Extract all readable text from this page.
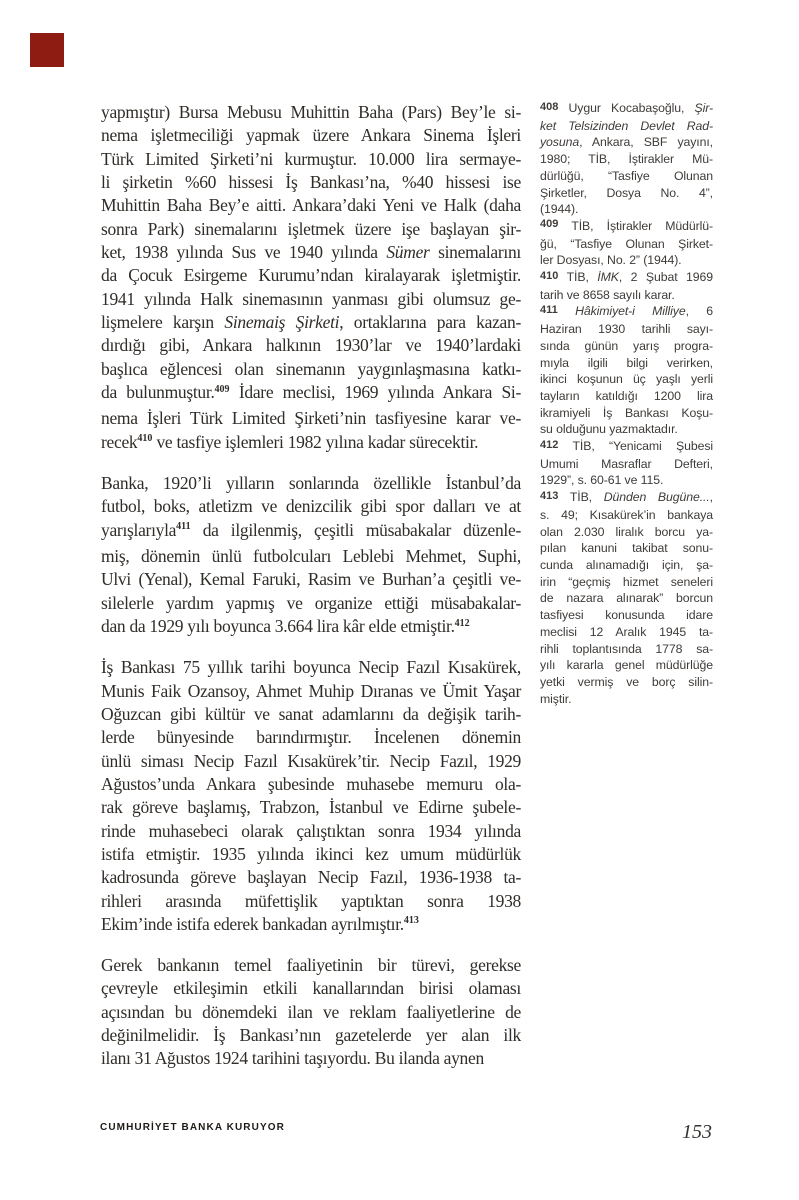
yapmıştır) Bursa Mebusu Muhittin Baha (Pars) Bey’le si-
nema işletmeciliği yapmak üzere Ankara Sinema İşleri
Türk Limited Şirketi’ni kurmuştur. 10.000 lira sermaye-
li şirketin %60 hissesi İş Bankası’na, %40 hissesi ise
Muhittin Baha Bey’e aitti. Ankara’daki Yeni ve Halk (daha
sonra Park) sinemalarını işletmek üzere işe başlayan şir-
ket, 1938 yılında Sus ve 1940 yılında Sümer sinemalarını
da Çocuk Esirgeme Kurumu’ndan kiralayarak işletmiştir.
1941 yılında Halk sinemasının yanması gibi olumsuz ge-
lişmelere karşın Sinemaiş Şirketi, ortaklarına para kazan-
dırdığı gibi, Ankara halkının 1930’lar ve 1940’lardaki
başlıca eğlencesi olan sinemanın yaygınlaşmasına katkı-
da bulunmuştur.$^{409}$ İdare meclisi, 1969 yılında Ankara Si-
nema İşleri Türk Limited Şirketi’nin tasfiyesine karar ve-
recek$^{410}$ ve tasfiye işlemleri 1982 yılına kadar sürecektir.
Banka, 1920’li yılların sonlarında özellikle İstanbul’da
futbol, boks, atletizm ve denizcilik gibi spor dalları ve at
yarışlarıyla$^{411}$ da ilgilenmiş, çeşitli müsabakalar düzenle-
miş, dönemin ünlü futbolcuları Leblebi Mehmet, Suphi,
Ulvi (Yenal), Kemal Faruki, Rasim ve Burhan’a çeşitli ve-
silelerle yardım yapmış ve organize ettiği müsabakalar-
dan da 1929 yılı boyunca 3.664 lira kâr elde etmiştir.$^{412}$
İş Bankası 75 yıllık tarihi boyunca Necip Fazıl Kısakürek,
Munis Faik Ozansoy, Ahmet Muhip Dıranas ve Ümit Yaşar
Oğuzcan gibi kültür ve sanat adamlarını da değişik tarih-
lerde bünyesinde barındırmıştır. İncelenen dönemin
ünlü siması Necip Fazıl Kısakürek’tir. Necip Fazıl, 1929
Ağustos’unda Ankara şubesinde muhasebe memuru ola-
rak göreve başlamış, Trabzon, İstanbul ve Edirne şubele-
rinde muhasebeci olarak çalıştıktan sonra 1934 yılında
istifa etmiştir. 1935 yılında ikinci kez umum müdürlük
kadrosunda göreve başlayan Necip Fazıl, 1936-1938 ta-
rihleri arasında müfettişlik yaptıktan sonra 1938
Ekim’inde istifa ederek bankadan ayrılmıştır.$^{413}$
Gerek bankanın temel faaliyetinin bir türevi, gerekse
çevreyle etkileşimin etkili kanallarından birisi olaması
açısından bu dönemdeki ilan ve reklam faaliyetlerine de
değinilmelidir. İş Bankası’nın gazetelerde yer alan ilk
ilanı 31 Ağustos 1924 tarihini taşıyordu. Bu ilanda aynen
408 Uygur Kocabaşoğlu, Şir-
ket Telsizinden Devlet Rad-
yosuna, Ankara, SBF yayını,
1980; TİB, İştirakler Mü-
dürlüğü, “Tasfiye Olunan
Şirketler, Dosya No. 4”,
(1944).
409 TİB, İştirakler Müdürlü-
ğü, “Tasfiye Olunan Şirket-
ler Dosyası, No. 2” (1944).
410 TİB, İMK, 2 Şubat 1969
tarih ve 8658 sayılı karar.
411 Hâkimiyet-i Milliye, 6
Haziran 1930 tarihli sayı-
sında günün yarış progra-
mıyla ilgili bilgi verirken,
ikinci koşunun üç yaşlı yerli
tayların katıldığı 1200 lira
ikramiyeli İş Bankası Koşu-
su olduğunu yazmaktadır.
412 TİB, “Yenicami Şubesi
Umumi Masraflar Defteri,
1929”, s. 60-61 ve 115.
413 TİB, Dünden Bugüne...,
s. 49; Kısakürek’in bankaya
olan 2.030 liralık borcu ya-
pılan kanuni takibat sonu-
cunda alınamadığı için, şa-
irin “geçmiş hizmet seneleri
de nazara alınarak” borcun
tasfiyesi konusunda idare
meclisi 12 Aralık 1945 ta-
rihli toplantısında 1778 sa-
yılı kararla genel müdürlüğe
yetki vermiş ve borç silin-
miştir.
CUMHURİYET BANKA KURUYOR	153
